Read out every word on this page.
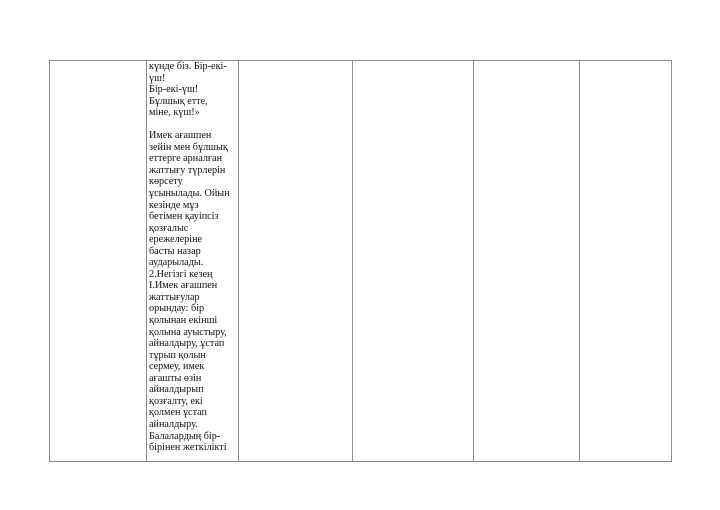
күнде біз. Бір-екі-
үш!
Бір-екі-үш!
Бұлшық етте,
міне, күш!»
Имек ағашпен
зейін мен бұлшық
еттерге арналған
жаттығу түрлерін
көрсету
ұсынылады. Ойын
кезінде мұз
бетімен қауіпсіз
қозғалыс
ережелеріне
басты назар
аударылады.
2.Негізгі кезең
І.Имек ағашпен
жаттығулар
орындау: бір
қолынан екінші
қолына ауыстыру,
айналдыру, ұстап
тұрып қолын
сермеу, имек
ағашты өзін
айналдырып
қозғалту, екі
қолмен ұстап
айналдыру.
Балалардың бір-
бірінен жеткілікті
